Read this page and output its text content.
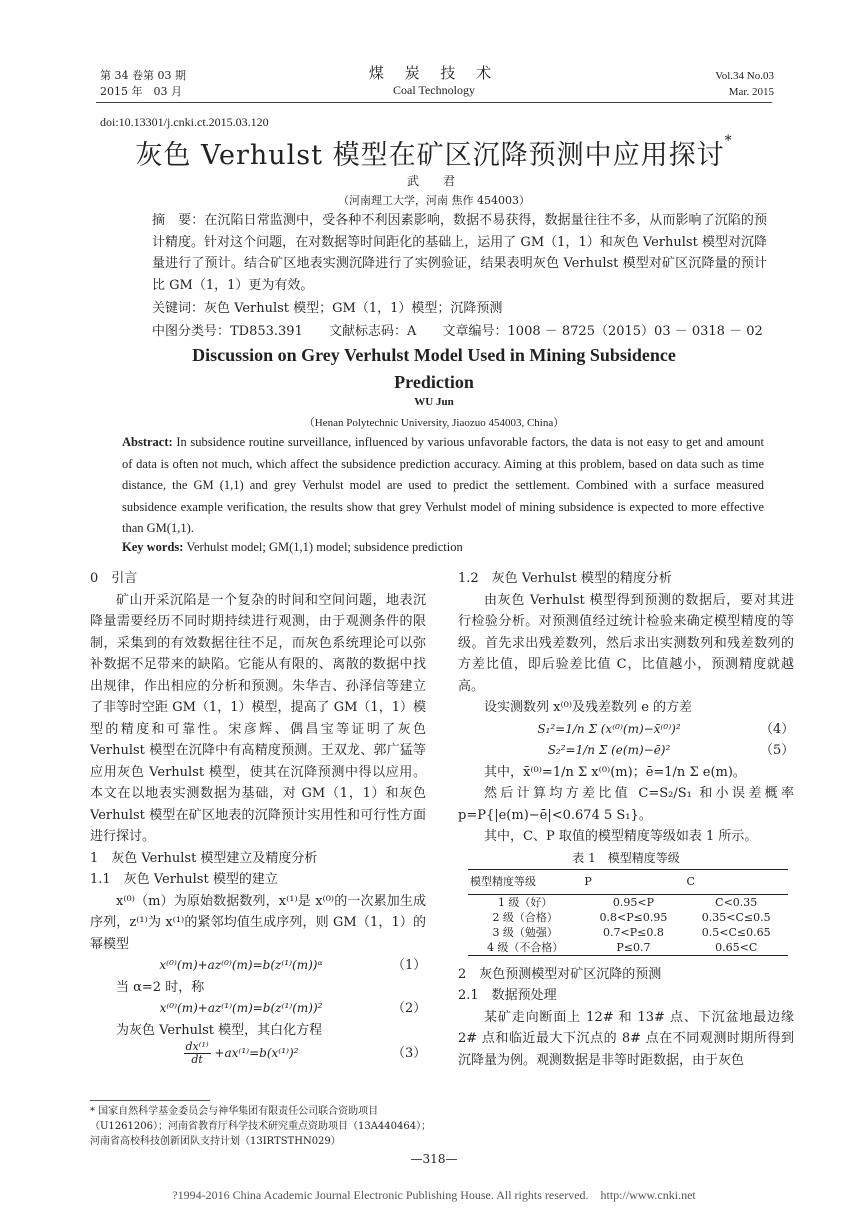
第 34 卷第 03 期
2015 年　03 月
煤 炭 技 术
Coal Technology
Vol.34 No.03
Mar. 2015
doi:10.13301/j.cnki.ct.2015.03.120
灰色 Verhulst 模型在矿区沉降预测中应用探讨*
武　君
（河南理工大学，河南 焦作 454003）
摘　要：在沉陷日常监测中，受各种不利因素影响，数据不易获得，数据量往往不多，从而影响了沉陷的预计精度。针对这个问题，在对数据等时间距化的基础上，运用了 GM（1，1）和灰色 Verhulst 模型对沉降量进行了预计。结合矿区地表实测沉降进行了实例验证，结果表明灰色 Verhulst 模型对矿区沉降量的预计比 GM（1，1）更为有效。
关键词：灰色 Verhulst 模型；GM（1，1）模型；沉降预测
中图分类号：TD853.391 文献标志码：A 文章编号：1008 － 8725（2015）03 － 0318 － 02
Discussion on Grey Verhulst Model Used in Mining Subsidence
Prediction
WU Jun
（Henan Polytechnic University, Jiaozuo 454003, China）
Abstract: In subsidence routine surveillance, influenced by various unfavorable factors, the data is not easy to get and amount of data is often not much, which affect the subsidence prediction accuracy. Aiming at this problem, based on data such as time distance, the GM (1,1) and grey Verhulst model are used to predict the settlement. Combined with a surface measured subsidence example verification, the results show that grey Verhulst model of mining subsidence is expected to more effective than GM(1,1).
Key words: Verhulst model; GM(1,1) model; subsidence prediction

0　引言

矿山开采沉陷是一个复杂的时间和空间问题，地表沉降量需要经历不同时期持续进行观测，由于观测条件的限制，采集到的有效数据往往不足，而灰色系统理论可以弥补数据不足带来的缺陷。它能从有限的、离散的数据中找出规律，作出相应的分析和预测。朱华吉、孙泽信等建立了非等时空距 GM（1，1）模型，提高了 GM（1，1）模型的精度和可靠性。宋彦辉、偶昌宝等证明了灰色 Verhulst 模型在沉降中有高精度预测。王双龙、郭广猛等应用灰色 Verhulst 模型，使其在沉降预测中得以应用。本文在以地表实测数据为基础，对 GM（1，1）和灰色 Verhulst 模型在矿区地表的沉降预计实用性和可行性方面进行探讨。

1　灰色 Verhulst 模型建立及精度分析

1.1　灰色 Verhulst 模型的建立

x⁽⁰⁾（m）为原始数据数列，x⁽¹⁾是 x⁽⁰⁾的一次累加生成序列，z⁽¹⁾为 x⁽¹⁾的紧邻均值生成序列，则 GM（1，1）的幂模型

x⁽⁰⁾(m)+az⁽⁰⁾(m)=b(z⁽¹⁾(m))ᵅ	（1）

当 α=2 时，称

x⁽⁰⁾(m)+az⁽¹⁾(m)=b(z⁽¹⁾(m))²	（2）

为灰色 Verhulst 模型，其白化方程

$\frac{\text{dx⁽¹⁾}}{dt} +ax^{(1)}=b(x^{(1)})^2$	（3）
* 国家自然科学基金委员会与神华集团有限责任公司联合资助项目（U1261206）；河南省教育厅科学技术研究重点资助项目（13A440464）；河南省高校科技创新团队支持计划（13IRTSTHN029）

1.2　灰色 Verhulst 模型的精度分析

由灰色 Verhulst 模型得到预测的数据后，要对其进行检验分析。对预测值经过统计检验来确定模型精度的等级。首先求出残差数列，然后求出实测数列和残差数列的方差比值，即后验差比值 C，比值越小，预测精度就越高。

设实测数列 x⁽⁰⁾及残差数列 e 的方差

S₁²=1/n Σ (x⁽⁰⁾(m)−x̄⁽⁰⁾)²	（4）
S₂²=1/n Σ (e(m)−ē)²	（5）

其中，x̄⁽⁰⁾=1/n Σ x⁽⁰⁾(m)；ē=1/n Σ e(m)。

然后计算均方差比值 C=S₂/S₁ 和小误差概率 p=P{|e(m)−ē|<0.674 5 S₁}。

其中，C、P 取值的模型精度等级如表 1 所示。

表 1　模型精度等级

模型精度等级	P	C
1 级（好）	0.95<P	C<0.35
2 级（合格）	0.8<P≤0.95	0.35<C≤0.5
3 级（勉强）	0.7<P≤0.8	0.5<C≤0.65
4 级（不合格）	P≤0.7	0.65<C

2　灰色预测模型对矿区沉降的预测

2.1　数据预处理

某矿走向断面上 12# 和 13# 点、下沉盆地最边缘 2# 点和临近最大下沉点的 8# 点在不同观测时期所得到沉降量为例。观测数据是非等时距数据，由于灰色

—318—
?1994-2016 China Academic Journal Electronic Publishing House. All rights reserved.　http://www.cnki.net
